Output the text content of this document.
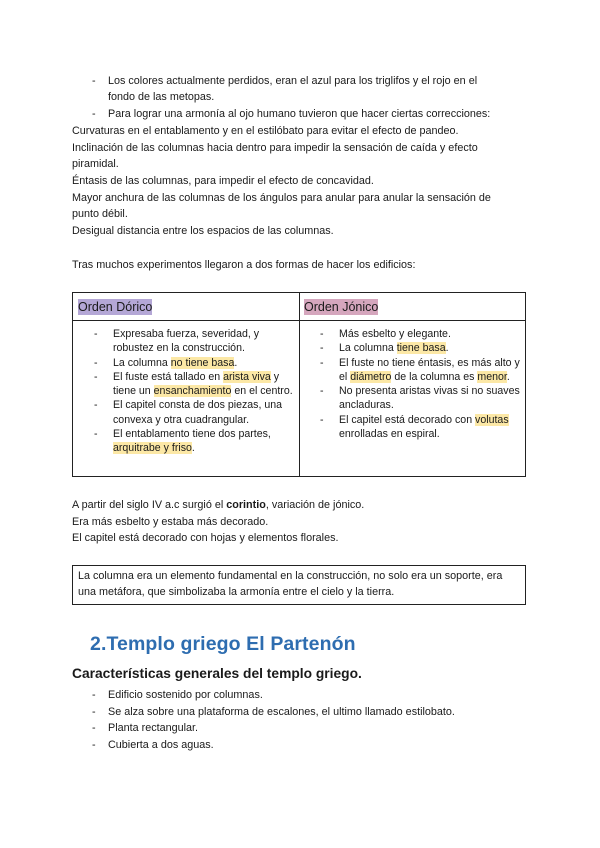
- Los colores actualmente perdidos, eran el azul para los triglifos y el rojo en el
fondo de las metopas.
- Para lograr una armonía al ojo humano tuvieron que hacer ciertas correcciones:
Curvaturas en el entablamento y en el estilóbato para evitar el efecto de pandeo.
Inclinación de las columnas hacia dentro para impedir la sensación de caída y efecto
piramidal.
Éntasis de las columnas, para impedir el efecto de concavidad.
Mayor anchura de las columnas de los ángulos para anular para anular la sensación de
punto débil.
Desigual distancia entre los espacios de las columnas.
Tras muchos experimentos llegaron a dos formas de hacer los edificios:
Orden Dórico	Orden Jónico
- Expresaba fuerza, severidad, y robustez en la construcción.
- La columna no tiene basa.
- El fuste está tallado en arista viva y tiene un ensanchamiento en el centro.
- El capitel consta de dos piezas, una convexa y otra cuadrangular.
- El entablamento tiene dos partes, arquitrabe y friso.
- Más esbelto y elegante.
- La columna tiene basa.
- El fuste no tiene éntasis, es más alto y el diámetro de la columna es menor.
- No presenta aristas vivas si no suaves ancladuras.
- El capitel está decorado con volutas enrolladas en espiral.
A partir del siglo IV a.c surgió el corintio, variación de jónico.
Era más esbelto y estaba más decorado.
El capitel está decorado con hojas y elementos florales.
La columna era un elemento fundamental en la construcción, no solo era un soporte, era una metáfora, que simbolizaba la armonía entre el cielo y la tierra.
2.Templo griego El Partenón
Características generales del templo griego.
- Edificio sostenido por columnas.
- Se alza sobre una plataforma de escalones, el ultimo llamado estilobato.
- Planta rectangular.
- Cubierta a dos aguas.
